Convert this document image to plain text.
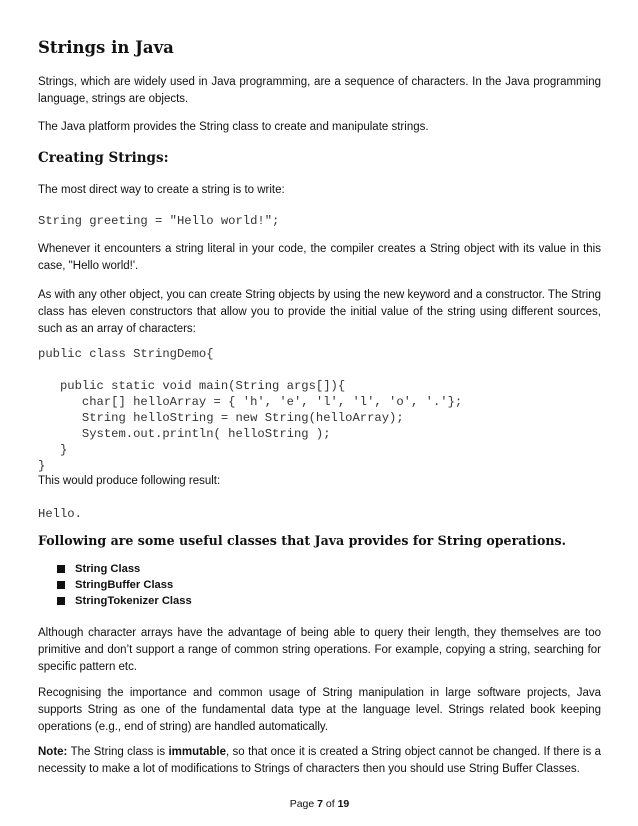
Strings in Java

Strings, which are widely used in Java programming, are a sequence of characters. In the Java programming language, strings are objects.

The Java platform provides the String class to create and manipulate strings.

Creating Strings:

The most direct way to create a string is to write:

String greeting = "Hello world!";

Whenever it encounters a string literal in your code, the compiler creates a String object with its value in this case, "Hello world!'.

As with any other object, you can create String objects by using the new keyword and a constructor. The String class has eleven constructors that allow you to provide the initial value of the string using different sources, such as an array of characters:

public class StringDemo{

public static void main(String args[]){
char[] helloArray = { 'h', 'e', 'l', 'l', 'o', '.'};
String helloString = new String(helloArray);
System.out.println( helloString );
}
}

This would produce following result:

Hello.
Following are some useful classes that Java provides for String operations.
String Class
StringBuffer Class
StringTokenizer Class

Although character arrays have the advantage of being able to query their length, they themselves are too primitive and don’t support a range of common string operations. For example, copying a string, searching for specific pattern etc.

Recognising the importance and common usage of String manipulation in large software projects, Java supports String as one of the fundamental data type at the language level. Strings related book keeping operations (e.g., end of string) are handled automatically.

Note: The String class is immutable, so that once it is created a String object cannot be changed. If there is a necessity to make a lot of modifications to Strings of characters then you should use String Buffer Classes.

Page 7 of 19
